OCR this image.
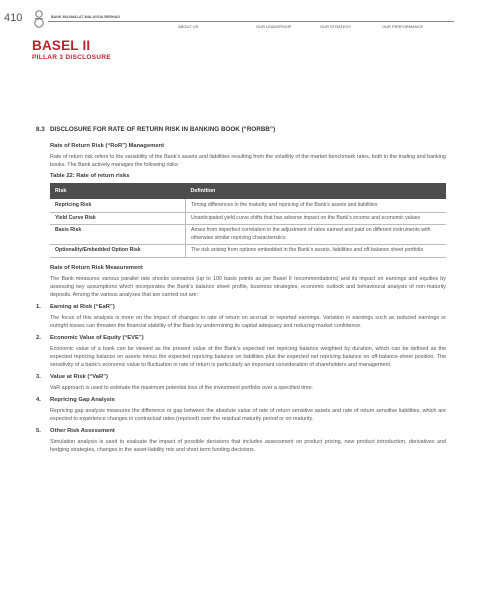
410	BANK MUAMALAT MALAYSIA BERHAD
ABOUT US	OUR LEADERSHIP	OUR STRATEGY	OUR PERFORMANCE
BASEL II
PILLAR 3 DISCLOSURE
8.3 DISCLOSURE FOR RATE OF RETURN RISK IN BANKING BOOK (“RORBB”)
Rate of Return Risk (“RoR”) Management

Rate of return risk refers to the variability of the Bank’s assets and liabilities resulting from the volatility of the market benchmark rates, both in the trading and banking books. The Bank actively manages the following risks:

Table 22: Rate of return risks
Risk	Definition
Repricing Risk	Timing differences in the maturity and repricing of the Bank’s assets and liabilities
Yield Curve Risk	Unanticipated yield curve shifts that has adverse impact on the Bank’s income and economic values
Basis Risk	Arises from imperfect correlation in the adjustment of rates earned and paid on different instruments with otherwise similar repricing characteristics
Optionality/Embedded Option Risk	The risk arising from options embedded in the Bank’s assets, liabilities and off-balance sheet portfolio
Rate of Return Risk Measurement

The Bank measures various parallel rate shocks scenarios (up to 100 basis points as per Basel II recommendations) and its impact on earnings and equities by assessing key assumptions which incorporates the Bank’s balance sheet profile, business strategies, economic outlook and behavioural analysis of non-maturity deposits. Among the various analyses that are carried out are:

1. Earning at Risk (“EaR”)

The focus of this analysis is more on the impact of changes in rate of return on accrual or reported earnings. Variation in earnings such as reduced earnings or outright losses can threaten the financial stability of the Bank by undermining its capital adequacy and reducing market confidence.

2. Economic Value of Equity (“EVE”)

Economic value of a bank can be viewed as the present value of the Bank’s expected net repricing balance weighted by duration, which can be defined as the expected repricing balance on assets minus the expected repricing balance on liabilities plus the expected net repricing balance on off-balance-sheet position. The sensitivity of a bank’s economic value to fluctuation in rate of return is particularly an important consideration of shareholders and management.

3. Value at Risk (“VaR”)

VaR approach is used to estimate the maximum potential loss of the investment portfolio over a specified time.

4. Repricing Gap Analysis

Repricing gap analysis measures the difference or gap between the absolute value of rate of return sensitive assets and rate of return sensitive liabilities, which are expected to experience changes in contractual rates (repriced) over the residual maturity period or on maturity.

5. Other Risk Assessment

Simulation analysis is used to evaluate the impact of possible decisions that includes assessment on product pricing, new product introduction, derivatives and hedging strategies, changes in the asset-liability mix and short term funding decisions.
